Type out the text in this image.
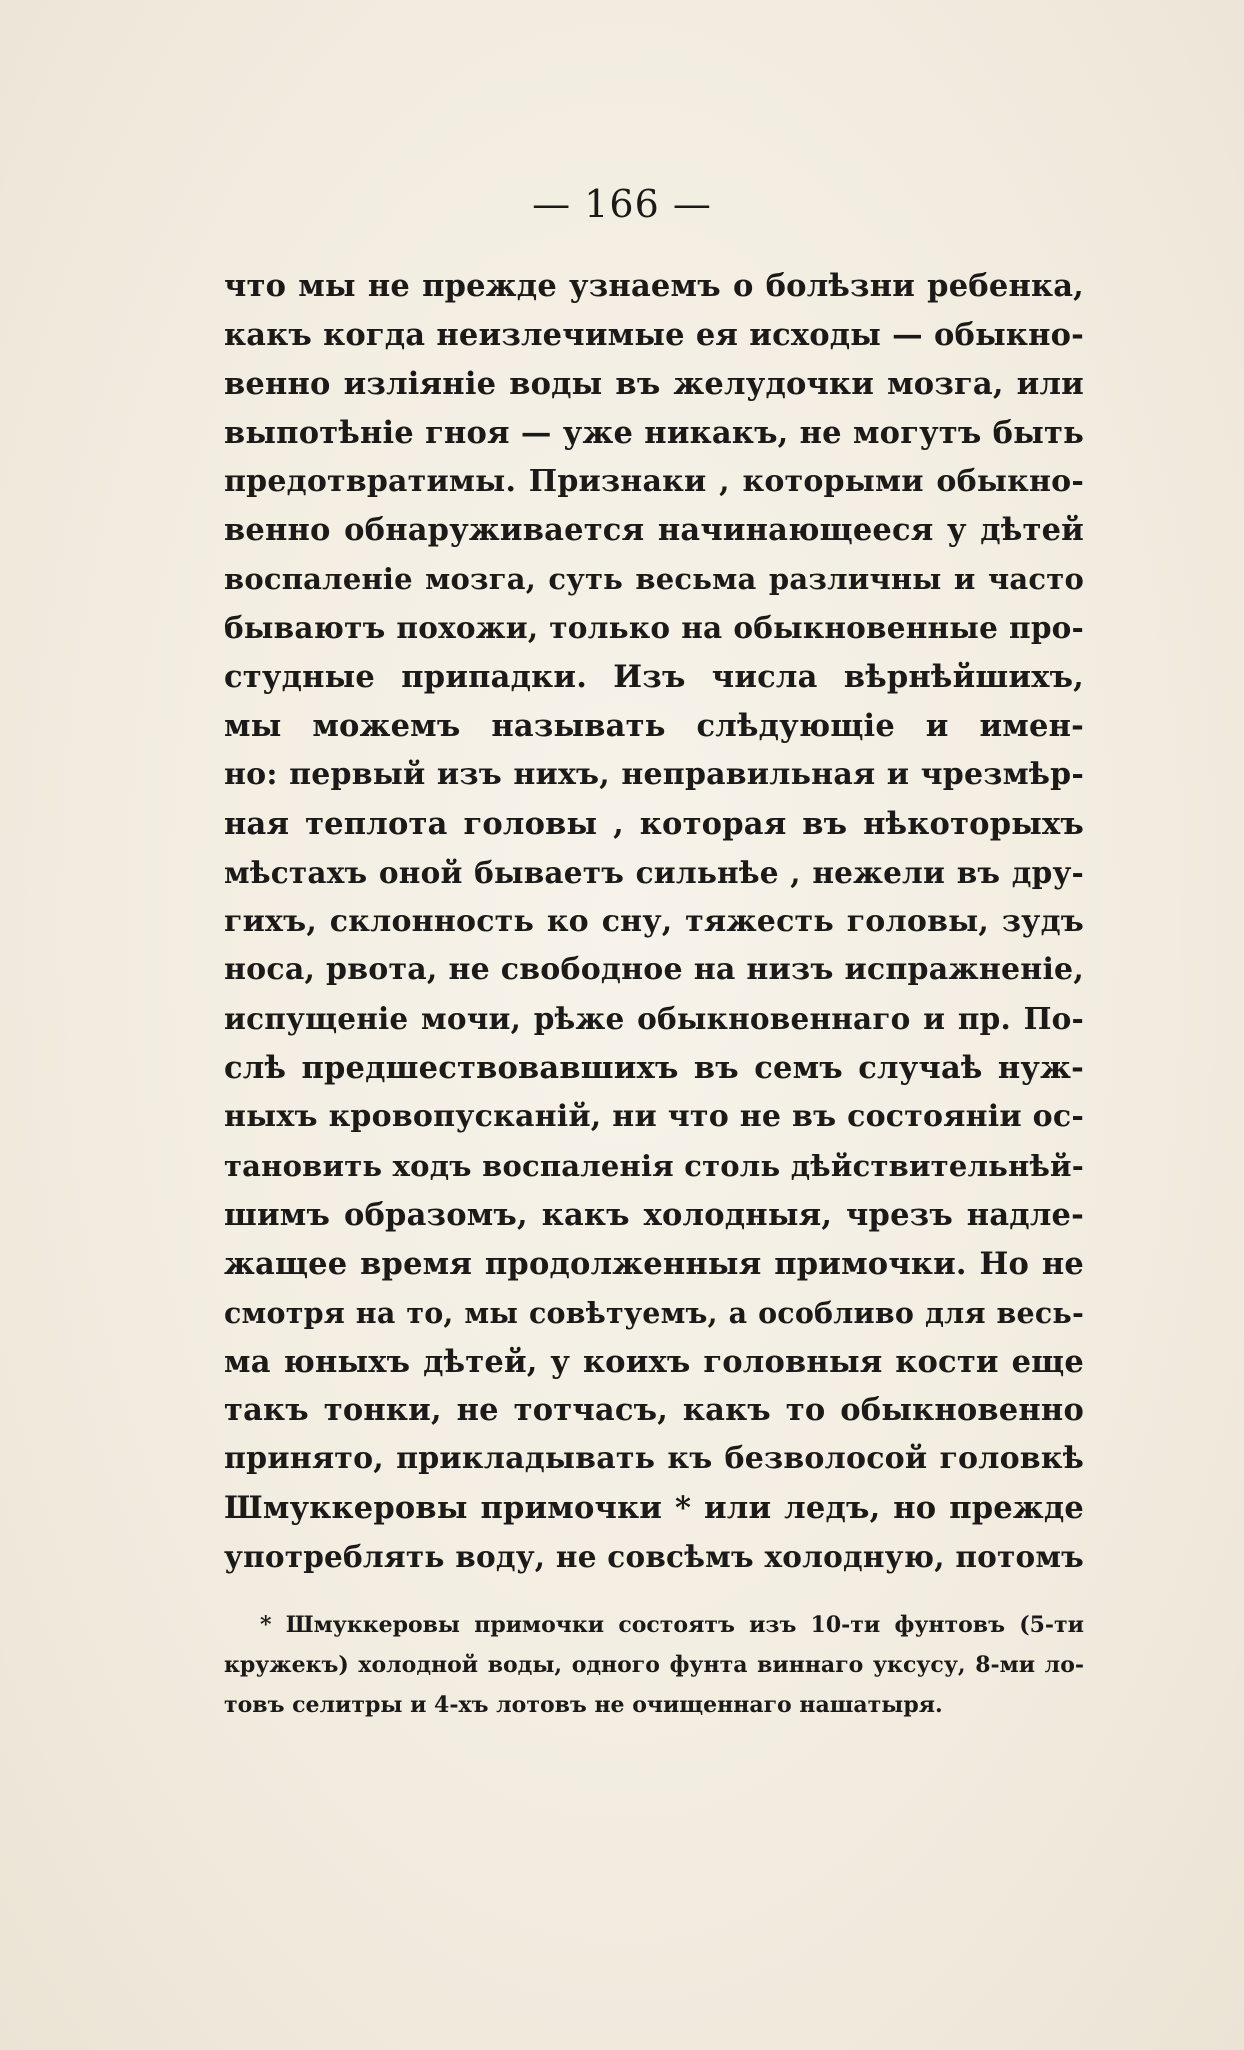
— 166 —
что мы не прежде узнаемъ о болѣзни ребенка,
какъ когда неизлечимые ея исходы — обыкно-
венно изліяніе воды въ желудочки мозга, или
выпотѣніе гноя — уже никакъ, не могутъ быть
предотвратимы. Признаки , которыми обыкно-
венно обнаруживается начинающееся у дѣтей
воспаленіе мозга, суть весьма различны и часто
бываютъ похожи, только на обыкновенные про-
студные припадки. Изъ числа вѣрнѣйшихъ,
мы можемъ называть слѣдующіе и имен-
но: первый изъ нихъ, неправильная и чрезмѣр-
ная теплота головы , которая въ нѣкоторыхъ
мѣстахъ оной бываетъ сильнѣе , нежели въ дру-
гихъ, склонность ко сну, тяжесть головы, зудъ
носа, рвота, не свободное на низъ испражненіе,
испущеніе мочи, рѣже обыкновеннаго и пр. По-
слѣ предшествовавшихъ въ семъ случаѣ нуж-
ныхъ кровопусканій, ни что не въ состояніи ос-
тановить ходъ воспаленія столь дѣйствительнѣй-
шимъ образомъ, какъ холодныя, чрезъ надле-
жащее время продолженныя примочки. Но не
смотря на то, мы совѣтуемъ, а особливо для весь-
ма юныхъ дѣтей, у коихъ головныя кости еще
такъ тонки, не тотчасъ, какъ то обыкновенно
принято, прикладывать къ безволосой головкѣ
Шмуккеровы примочки * или ледъ, но прежде
употреблять воду, не совсѣмъ холодную, потомъ
* Шмуккеровы примочки состоятъ изъ 10-ти фунтовъ (5-ти
кружекъ) холодной воды, одного фунта виннаго уксусу, 8-ми ло-
товъ селитры и 4-хъ лотовъ не очищеннаго нашатыря.
